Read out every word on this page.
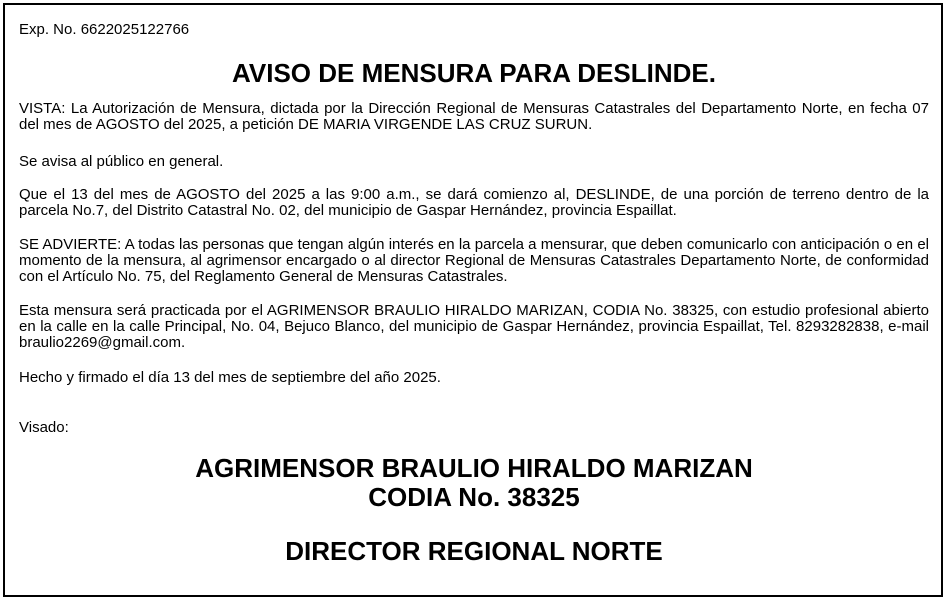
Exp. No. 6622025122766
AVISO DE MENSURA PARA DESLINDE.
VISTA: La Autorización de Mensura, dictada por la Dirección Regional de Mensuras Catastrales del Departamento Norte, en fecha 07 del mes de AGOSTO del 2025, a petición DE MARIA VIRGENDE LAS CRUZ SURUN.
Se avisa al público en general.
Que el 13 del mes de AGOSTO del 2025 a las 9:00 a.m., se dará comienzo al, DESLINDE, de una porción de terreno dentro de la parcela No.7, del Distrito Catastral No. 02, del municipio de Gaspar Hernández, provincia Espaillat.
SE ADVIERTE: A todas las personas que tengan algún interés en la parcela a mensurar, que deben comunicarlo con anticipación o en el momento de la mensura, al agrimensor encargado o al director Regional de Mensuras Catastrales Departamento Norte, de conformidad con el Artículo No. 75, del Reglamento General de Mensuras Catastrales.
Esta mensura será practicada por el AGRIMENSOR BRAULIO HIRALDO MARIZAN, CODIA No. 38325, con estudio profesional abierto en la calle en la calle Principal, No. 04, Bejuco Blanco, del municipio de Gaspar Hernández, provincia Espaillat, Tel. 8293282838, e-mail braulio2269@gmail.com.
Hecho y firmado el día 13 del mes de septiembre del año 2025.
Visado:
AGRIMENSOR BRAULIO HIRALDO MARIZAN
CODIA No. 38325
DIRECTOR REGIONAL NORTE
